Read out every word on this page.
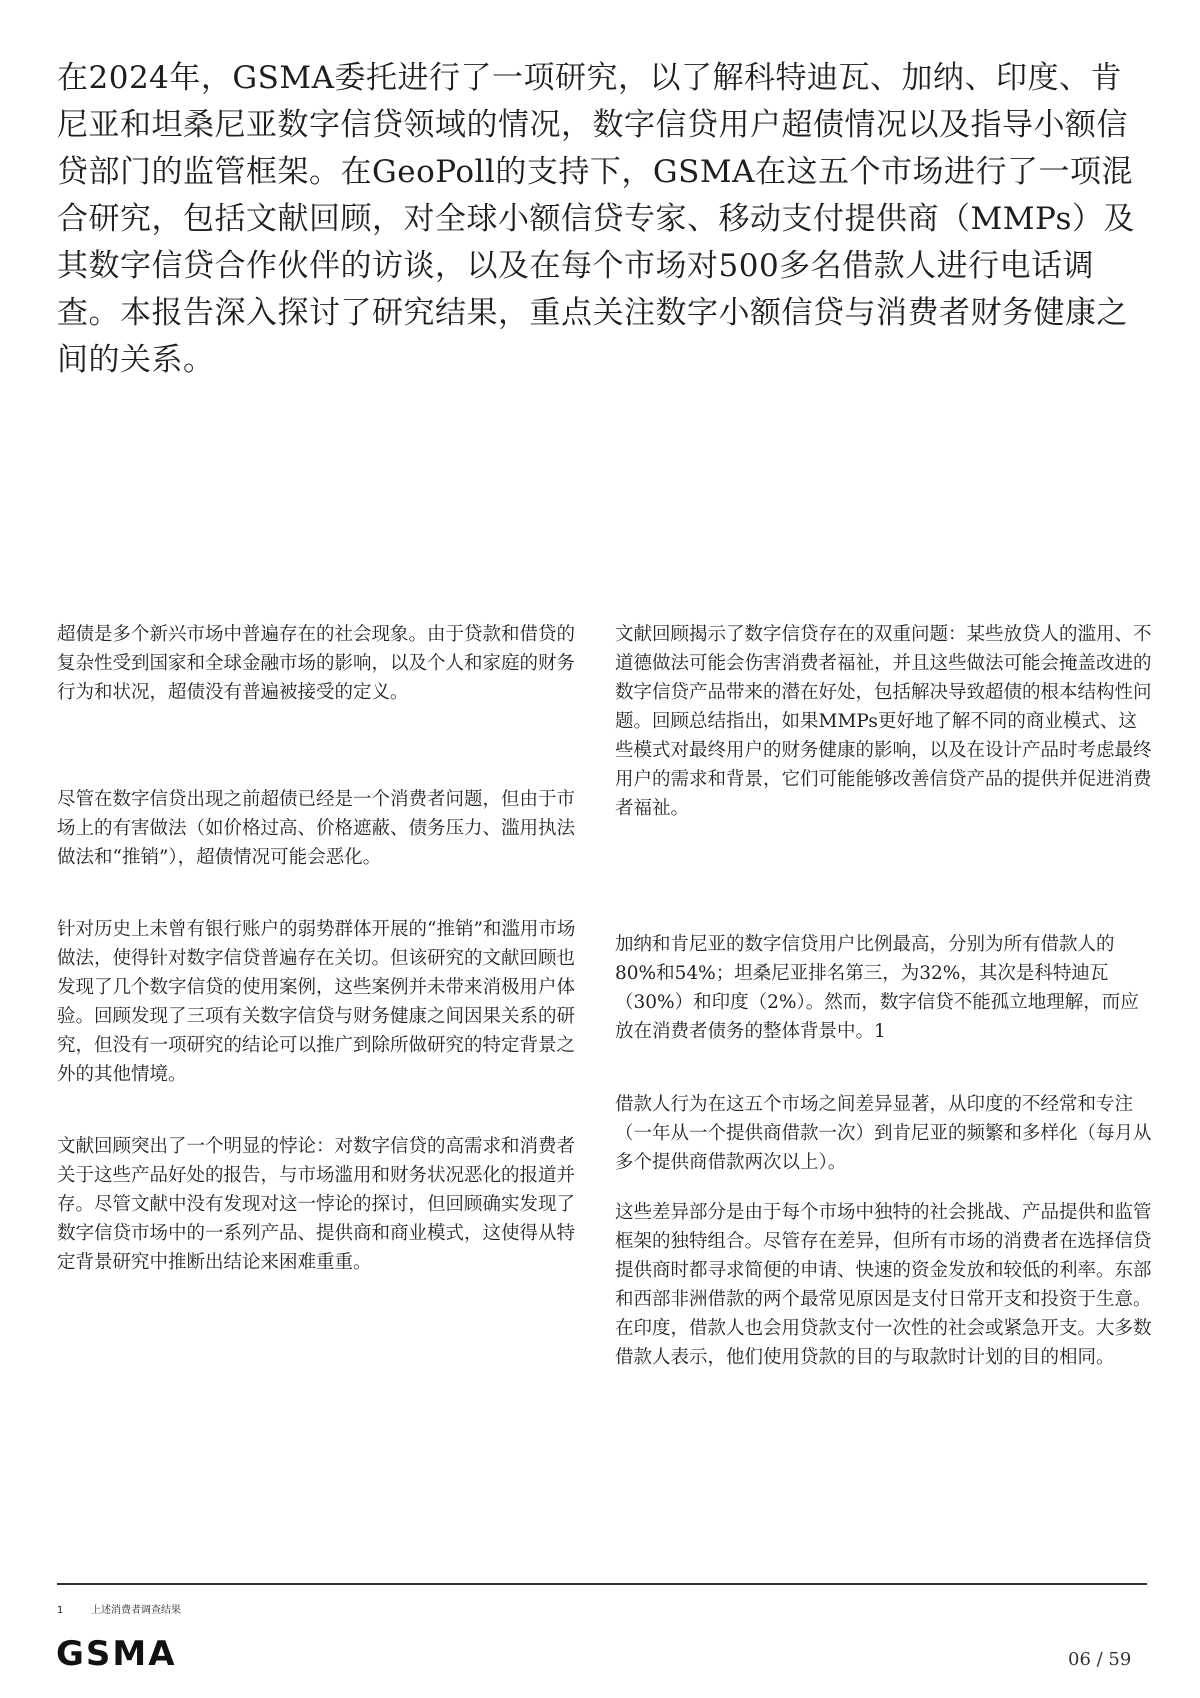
在2024年，GSMA委托进行了一项研究，以了解科特迪瓦、加纳、印度、肯尼亚和坦桑尼亚数字信贷领域的情况，数字信贷用户超债情况以及指导小额信贷部门的监管框架。在GeoPoll的支持下，GSMA在这五个市场进行了一项混合研究，包括文献回顾，对全球小额信贷专家、移动支付提供商（MMPs）及其数字信贷合作伙伴的访谈，以及在每个市场对500多名借款人进行电话调查。本报告深入探讨了研究结果，重点关注数字小额信贷与消费者财务健康之间的关系。

超债是多个新兴市场中普遍存在的社会现象。由于贷款和借贷的复杂性受到国家和全球金融市场的影响，以及个人和家庭的财务行为和状况，超债没有普遍被接受的定义。

尽管在数字信贷出现之前超债已经是一个消费者问题，但由于市场上的有害做法（如价格过高、价格遮蔽、债务压力、滥用执法做法和“推销”），超债情况可能会恶化。

针对历史上未曾有银行账户的弱势群体开展的“推销”和滥用市场做法，使得针对数字信贷普遍存在关切。但该研究的文献回顾也发现了几个数字信贷的使用案例，这些案例并未带来消极用户体验。回顾发现了三项有关数字信贷与财务健康之间因果关系的研究，但没有一项研究的结论可以推广到除所做研究的特定背景之外的其他情境。

文献回顾突出了一个明显的悖论：对数字信贷的高需求和消费者关于这些产品好处的报告，与市场滥用和财务状况恶化的报道并存。尽管文献中没有发现对这一悖论的探讨，但回顾确实发现了数字信贷市场中的一系列产品、提供商和商业模式，这使得从特定背景研究中推断出结论来困难重重。

文献回顾揭示了数字信贷存在的双重问题：某些放贷人的滥用、不道德做法可能会伤害消费者福祉，并且这些做法可能会掩盖改进的数字信贷产品带来的潜在好处，包括解决导致超债的根本结构性问题。回顾总结指出，如果MMPs更好地了解不同的商业模式、这些模式对最终用户的财务健康的影响，以及在设计产品时考虑最终用户的需求和背景，它们可能能够改善信贷产品的提供并促进消费者福祉。

加纳和肯尼亚的数字信贷用户比例最高，分别为所有借款人的80%和54%；坦桑尼亚排名第三，为32%，其次是科特迪瓦（30%）和印度（2%）。然而，数字信贷不能孤立地理解，而应放在消费者债务的整体背景中。1

借款人行为在这五个市场之间差异显著，从印度的不经常和专注（一年从一个提供商借款一次）到肯尼亚的频繁和多样化（每月从多个提供商借款两次以上）。

这些差异部分是由于每个市场中独特的社会挑战、产品提供和监管框架的独特组合。尽管存在差异，但所有市场的消费者在选择信贷提供商时都寻求简便的申请、快速的资金发放和较低的利率。东部和西部非洲借款的两个最常见原因是支付日常开支和投资于生意。在印度，借款人也会用贷款支付一次性的社会或紧急开支。大多数借款人表示，他们使用贷款的目的与取款时计划的目的相同。

1	上述消费者调查结果
GSMA	06 / 59
